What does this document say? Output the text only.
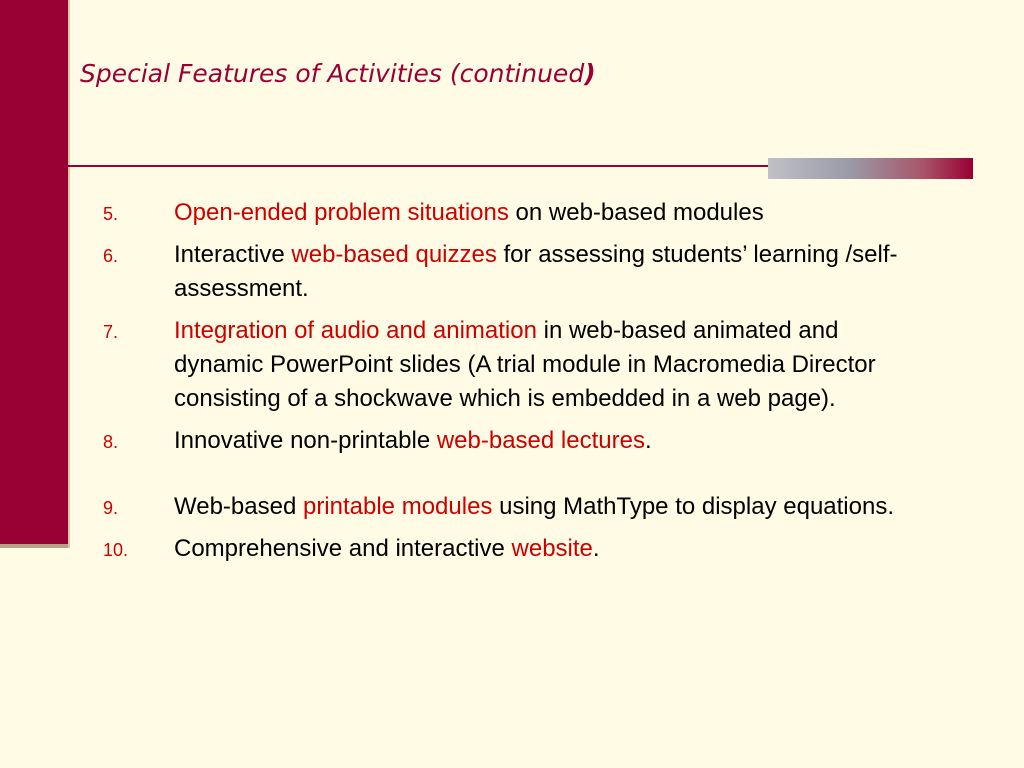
Special Features of Activities (continued)
5. Open-ended problem situations on web-based modules
6. Interactive web-based quizzes for assessing students’ learning /self-assessment.
7. Integration of audio and animation in web-based animated and dynamic PowerPoint slides (A trial module in Macromedia Director consisting of a shockwave which is embedded in a web page).
8. Innovative non-printable web-based lectures.
9. Web-based printable modules using MathType to display equations.
10. Comprehensive and interactive website.
